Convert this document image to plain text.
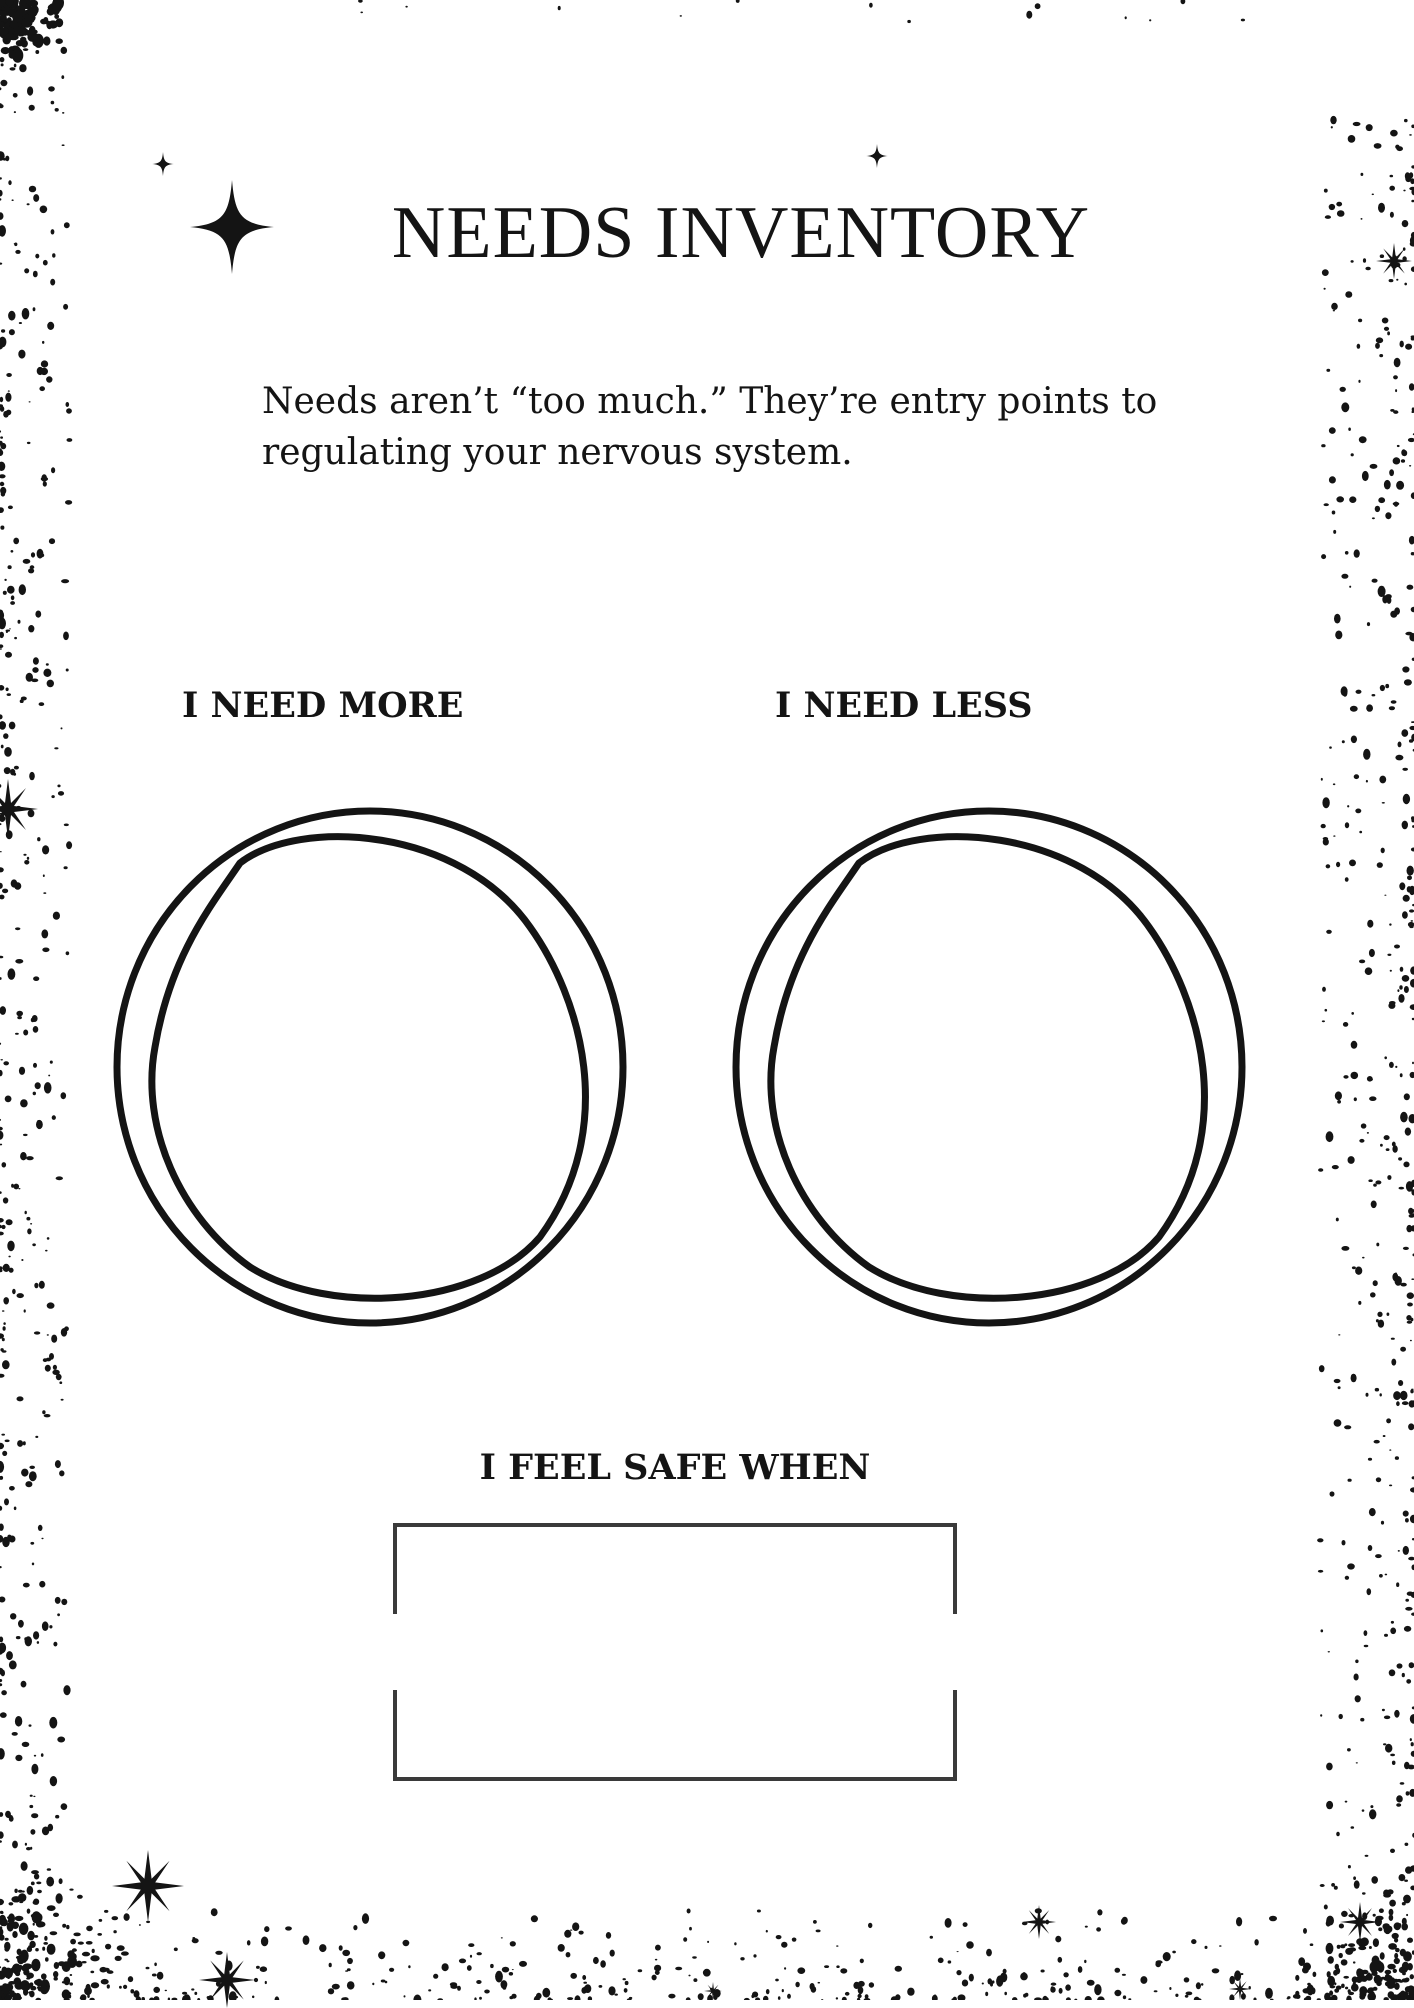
NEEDS INVENTORY

Needs aren’t “too much.” They’re entry points to
regulating your nervous system.

I NEED MORE	I NEED LESS
I FEEL SAFE WHEN
